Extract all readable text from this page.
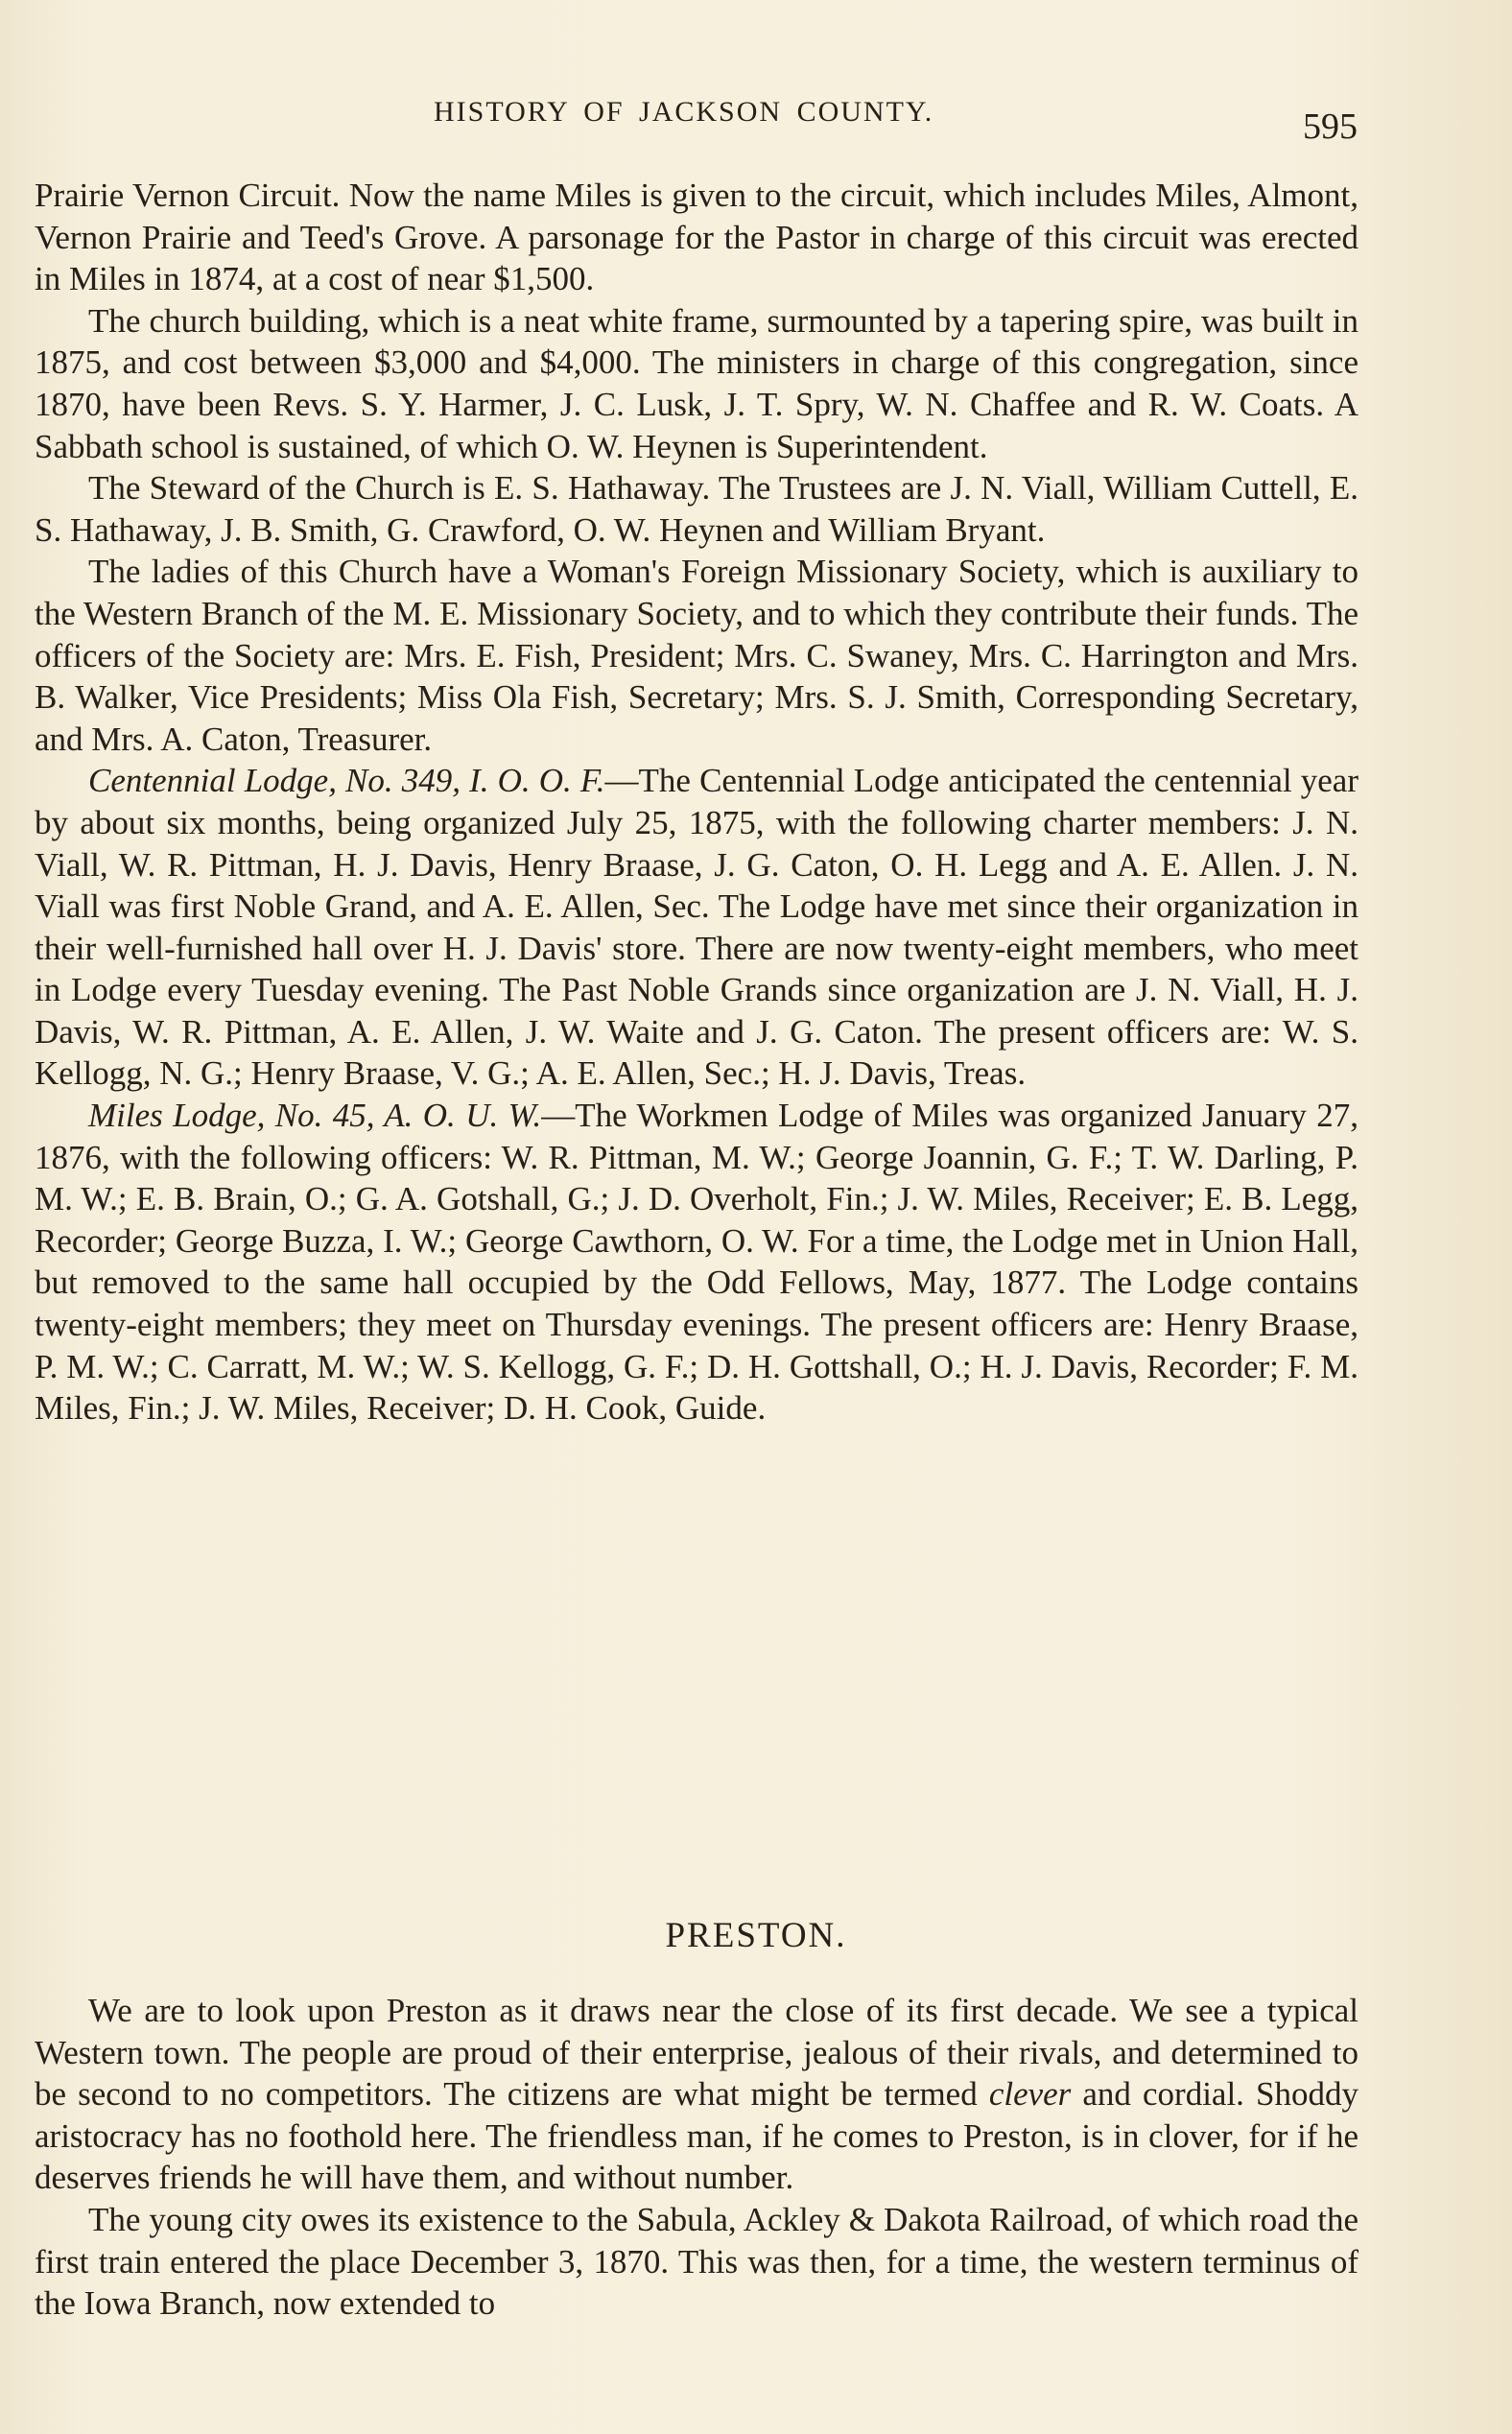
HISTORY OF JACKSON COUNTY.	595

Prairie Vernon Circuit. Now the name Miles is given to the circuit, which includes Miles, Almont, Vernon Prairie and Teed's Grove. A parsonage for the Pastor in charge of this circuit was erected in Miles in 1874, at a cost of near $1,500.

The church building, which is a neat white frame, surmounted by a tapering spire, was built in 1875, and cost between $3,000 and $4,000. The ministers in charge of this congregation, since 1870, have been Revs. S. Y. Harmer, J. C. Lusk, J. T. Spry, W. N. Chaffee and R. W. Coats. A Sabbath school is sustained, of which O. W. Heynen is Superintendent.

The Steward of the Church is E. S. Hathaway. The Trustees are J. N. Viall, William Cuttell, E. S. Hathaway, J. B. Smith, G. Crawford, O. W. Heynen and William Bryant.

The ladies of this Church have a Woman's Foreign Missionary Society, which is auxiliary to the Western Branch of the M. E. Missionary Society, and to which they contribute their funds. The officers of the Society are: Mrs. E. Fish, President; Mrs. C. Swaney, Mrs. C. Harrington and Mrs. B. Walker, Vice Presidents; Miss Ola Fish, Secretary; Mrs. S. J. Smith, Corresponding Secretary, and Mrs. A. Caton, Treasurer.

Centennial Lodge, No. 349, I. O. O. F.—The Centennial Lodge anticipated the centennial year by about six months, being organized July 25, 1875, with the following charter members: J. N. Viall, W. R. Pittman, H. J. Davis, Henry Braase, J. G. Caton, O. H. Legg and A. E. Allen. J. N. Viall was first Noble Grand, and A. E. Allen, Sec. The Lodge have met since their organization in their well-furnished hall over H. J. Davis' store. There are now twenty-eight members, who meet in Lodge every Tuesday evening. The Past Noble Grands since organization are J. N. Viall, H. J. Davis, W. R. Pittman, A. E. Allen, J. W. Waite and J. G. Caton. The present officers are: W. S. Kellogg, N. G.; Henry Braase, V. G.; A. E. Allen, Sec.; H. J. Davis, Treas.

Miles Lodge, No. 45, A. O. U. W.—The Workmen Lodge of Miles was organized January 27, 1876, with the following officers: W. R. Pittman, M. W.; George Joannin, G. F.; T. W. Darling, P. M. W.; E. B. Brain, O.; G. A. Gotshall, G.; J. D. Overholt, Fin.; J. W. Miles, Receiver; E. B. Legg, Recorder; George Buzza, I. W.; George Cawthorn, O. W. For a time, the Lodge met in Union Hall, but removed to the same hall occupied by the Odd Fellows, May, 1877. The Lodge contains twenty-eight members; they meet on Thursday evenings. The present officers are: Henry Braase, P. M. W.; C. Carratt, M. W.; W. S. Kellogg, G. F.; D. H. Gottshall, O.; H. J. Davis, Recorder; F. M. Miles, Fin.; J. W. Miles, Receiver; D. H. Cook, Guide.

PRESTON.

We are to look upon Preston as it draws near the close of its first decade. We see a typical Western town. The people are proud of their enterprise, jealous of their rivals, and determined to be second to no competitors. The citizens are what might be termed clever and cordial. Shoddy aristocracy has no foothold here. The friendless man, if he comes to Preston, is in clover, for if he deserves friends he will have them, and without number.

The young city owes its existence to the Sabula, Ackley & Dakota Railroad, of which road the first train entered the place December 3, 1870. This was then, for a time, the western terminus of the Iowa Branch, now extended to
